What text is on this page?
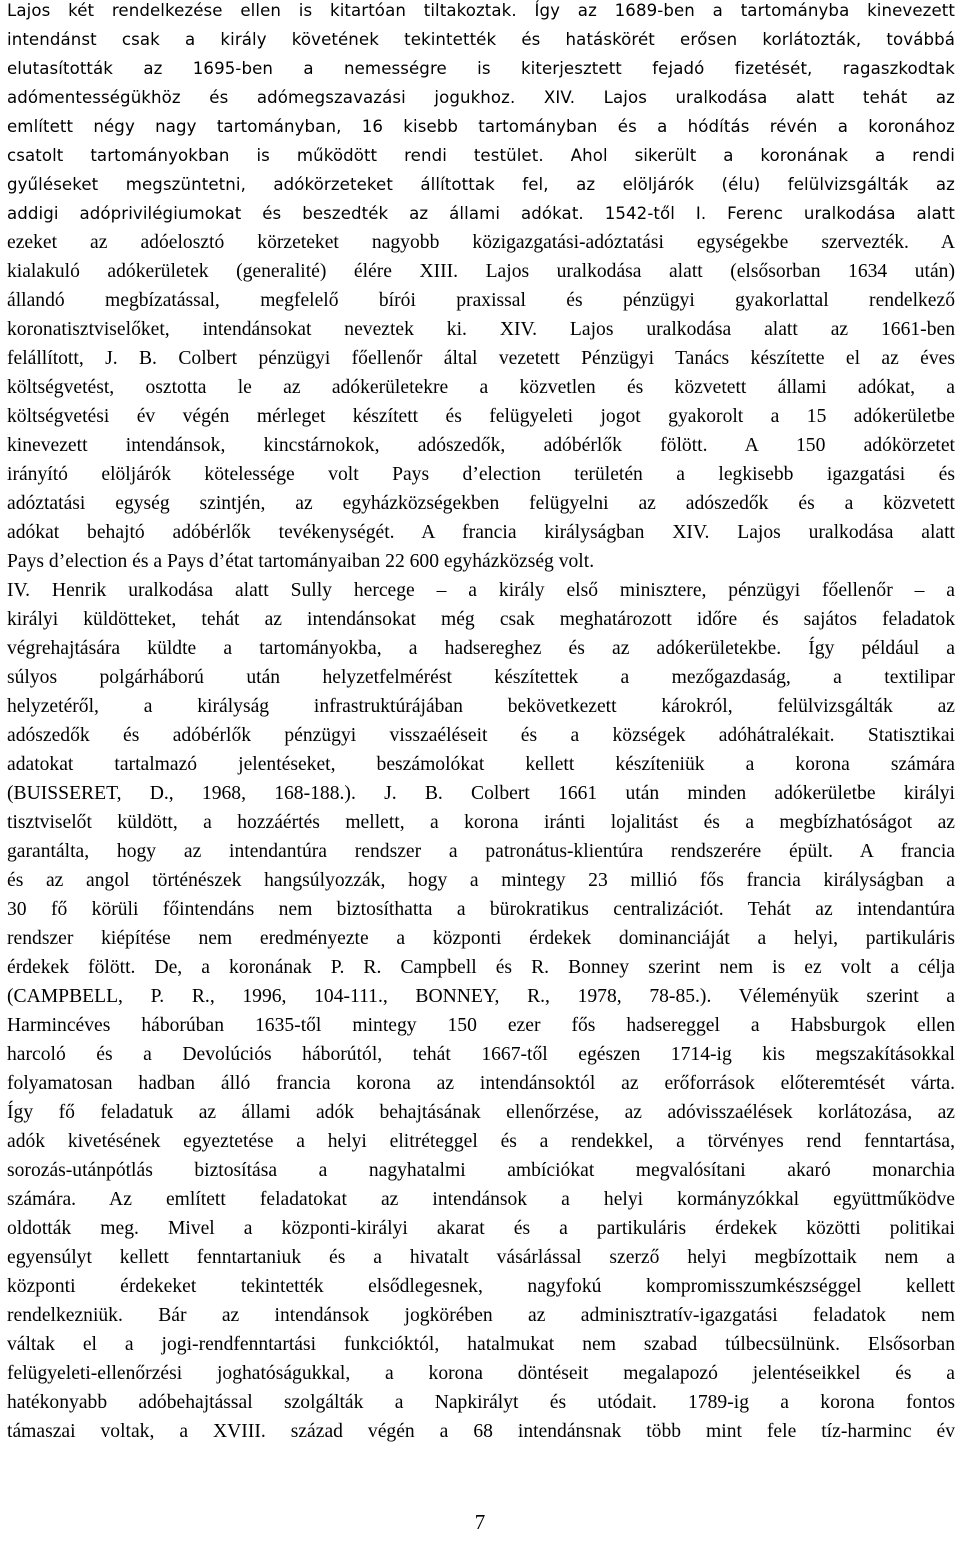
Lajos két rendelkezése ellen is kitartóan tiltakoztak. Így az 1689-ben a tartományba kinevezett
intendánst csak a király követének tekintették és hatáskörét erősen korlátozták, továbbá
elutasították az 1695-ben a nemességre is kiterjesztett fejadó fizetését, ragaszkodtak
adómentességükhöz és adómegszavazási jogukhoz. XIV. Lajos uralkodása alatt tehát az
említett négy nagy tartományban, 16 kisebb tartományban és a hódítás révén a koronához
csatolt tartományokban is működött rendi testület. Ahol sikerült a koronának a rendi
gyűléseket megszüntetni, adókörzeteket állítottak fel, az elöljárók (élu) felülvizsgálták az
addigi adóprivilégiumokat és beszedték az állami adókat. 1542-től I. Ferenc uralkodása alatt
ezeket az adóelosztó körzeteket nagyobb közigazgatási-adóztatási egységekbe szervezték. A
kialakuló adókerületek (generalité) élére XIII. Lajos uralkodása alatt (elsősorban 1634 után)
állandó megbízatással, megfelelő bírói praxissal és pénzügyi gyakorlattal rendelkező
koronatisztviselőket, intendánsokat neveztek ki. XIV. Lajos uralkodása alatt az 1661-ben
felállított, J. B. Colbert pénzügyi főellenőr által vezetett Pénzügyi Tanács készítette el az éves
költségvetést, osztotta le az adókerületekre a közvetlen és közvetett állami adókat, a
költségvetési év végén mérleget készített és felügyeleti jogot gyakorolt a 15 adókerületbe
kinevezett intendánsok, kincstárnokok, adószedők, adóbérlők fölött. A 150 adókörzetet
irányító elöljárók kötelessége volt Pays d’election területén a legkisebb igazgatási és
adóztatási egység szintjén, az egyházközségekben felügyelni az adószedők és a közvetett
adókat behajtó adóbérlők tevékenységét. A francia királyságban XIV. Lajos uralkodása alatt
Pays d’election és a Pays d’état tartományaiban 22 600 egyházközség volt.
IV. Henrik uralkodása alatt Sully hercege – a király első minisztere, pénzügyi főellenőr – a
királyi küldötteket, tehát az intendánsokat még csak meghatározott időre és sajátos feladatok
végrehajtására küldte a tartományokba, a hadsereghez és az adókerületekbe. Így például a
súlyos polgárháború után helyzetfelmérést készítettek a mezőgazdaság, a textilipar
helyzetéről, a királyság infrastruktúrájában bekövetkezett károkról, felülvizsgálták az
adószedők és adóbérlők pénzügyi visszaéléseit és a községek adóhátralékait. Statisztikai
adatokat tartalmazó jelentéseket, beszámolókat kellett készíteniük a korona számára
(BUISSERET, D., 1968, 168-188.). J. B. Colbert 1661 után minden adókerületbe királyi
tisztviselőt küldött, a hozzáértés mellett, a korona iránti lojalitást és a megbízhatóságot az
garantálta, hogy az intendantúra rendszer a patronátus-klientúra rendszerére épült. A francia
és az angol történészek hangsúlyozzák, hogy a mintegy 23 millió fős francia királyságban a
30 fő körüli főintendáns nem biztosíthatta a bürokratikus centralizációt. Tehát az intendantúra
rendszer kiépítése nem eredményezte a központi érdekek dominanciáját a helyi, partikuláris
érdekek fölött. De, a koronának P. R. Campbell és R. Bonney szerint nem is ez volt a célja
(CAMPBELL, P. R., 1996, 104-111., BONNEY, R., 1978, 78-85.). Véleményük szerint a
Harmincéves háborúban 1635-től mintegy 150 ezer fős hadsereggel a Habsburgok ellen
harcoló és a Devolúciós háborútól, tehát 1667-től egészen 1714-ig kis megszakításokkal
folyamatosan hadban álló francia korona az intendánsoktól az erőforrások előteremtését várta.
Így fő feladatuk az állami adók behajtásának ellenőrzése, az adóvisszaélések korlátozása, az
adók kivetésének egyeztetése a helyi elitréteggel és a rendekkel, a törvényes rend fenntartása,
sorozás-utánpótlás biztosítása a nagyhatalmi ambíciókat megvalósítani akaró monarchia
számára. Az említett feladatokat az intendánsok a helyi kormányzókkal együttműködve
oldották meg. Mivel a központi-királyi akarat és a partikuláris érdekek közötti politikai
egyensúlyt kellett fenntartaniuk és a hivatalt vásárlással szerző helyi megbízottaik nem a
központi érdekeket tekintették elsődlegesnek, nagyfokú kompromisszumkészséggel kellett
rendelkezniük. Bár az intendánsok jogkörében az adminisztratív-igazgatási feladatok nem
váltak el a jogi-rendfenntartási funkcióktól, hatalmukat nem szabad túlbecsülnünk. Elsősorban
felügyeleti-ellenőrzési joghatóságukkal, a korona döntéseit megalapozó jelentéseikkel és a
hatékonyabb adóbehajtással szolgálták a Napkirályt és utódait. 1789-ig a korona fontos
támaszai voltak, a XVIII. század végén a 68 intendánsnak több mint fele tíz-harminc év
7
